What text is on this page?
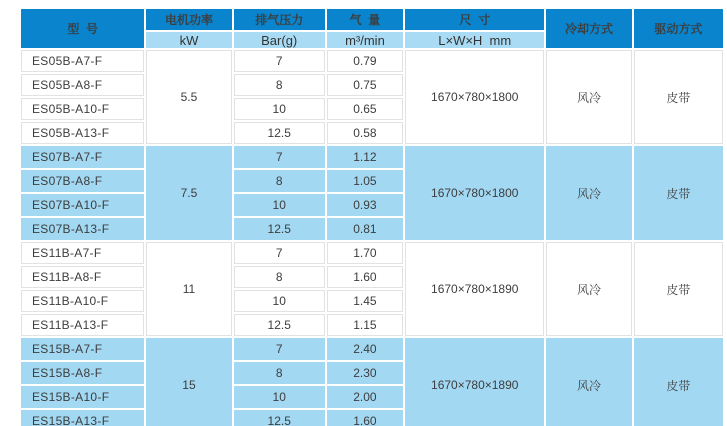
型  号	电机功率	排气压力	气  量	尺  寸	冷却方式	驱动方式
	kW	Bar(g)	m³/min	L×W×H  mm		
ES05B-A7-F	5.5	7	0.79	1670×780×1800	风冷	皮带
ES05B-A8-F		8	0.75			
ES05B-A10-F		10	0.65			
ES05B-A13-F		12.5	0.58			
ES07B-A7-F	7.5	7	1.12	1670×780×1800	风冷	皮带
ES07B-A8-F		8	1.05			
ES07B-A10-F		10	0.93			
ES07B-A13-F		12.5	0.81			
ES11B-A7-F	11	7	1.70	1670×780×1890	风冷	皮带
ES11B-A8-F		8	1.60			
ES11B-A10-F		10	1.45			
ES11B-A13-F		12.5	1.15			
ES15B-A7-F	15	7	2.40	1670×780×1890	风冷	皮带
ES15B-A8-F		8	2.30			
ES15B-A10-F		10	2.00			
ES15B-A13-F		12.5	1.60			
